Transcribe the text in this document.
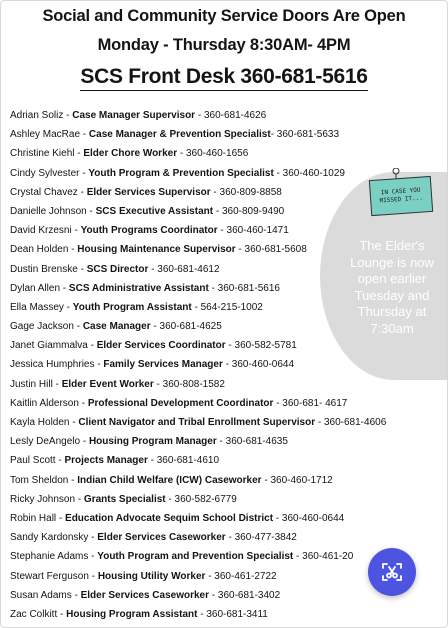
Social and Community Service Doors Are Open
Monday - Thursday 8:30AM- 4PM
SCS Front Desk 360-681-5616
Adrian Soliz - Case Manager Supervisor - 360-681-4626
Ashley MacRae - Case Manager & Prevention Specialist- 360-681-5633
Christine Kiehl - Elder Chore Worker - 360-460-1656
Cindy Sylvester - Youth Program & Prevention Specialist - 360-460-1029
Crystal Chavez - Elder Services Supervisor - 360-809-8858
Danielle Johnson - SCS Executive Assistant - 360-809-9490
David Krzesni - Youth Programs Coordinator - 360-460-1471
Dean Holden - Housing Maintenance Supervisor - 360-681-5608
Dustin Brenske - SCS Director - 360-681-4612
Dylan Allen - SCS Administrative Assistant - 360-681-5616
Ella Massey - Youth Program Assistant - 564-215-1002
Gage Jackson - Case Manager - 360-681-4625
Janet Giammalva - Elder Services Coordinator - 360-582-5781
Jessica Humphries - Family Services Manager - 360-460-0644
Justin Hill - Elder Event Worker - 360-808-1582
Kaitlin Alderson - Professional Development Coordinator - 360-681- 4617
Kayla Holden - Client Navigator and Tribal Enrollment Supervisor - 360-681-4606
Lesly DeAngelo - Housing Program Manager - 360-681-4635
Paul Scott - Projects Manager - 360-681-4610
Tom Sheldon - Indian Child Welfare (ICW) Caseworker - 360-460-1712
Ricky Johnson - Grants Specialist - 360-582-6779
Robin Hall - Education Advocate Sequim School District - 360-460-0644
Sandy Kardonsky - Elder Services Caseworker - 360-477-3842
Stephanie Adams - Youth Program and Prevention Specialist - 360-461-20
Stewart Ferguson - Housing Utility Worker - 360-461-2722
Susan Adams - Elder Services Caseworker - 360-681-3402
Zac Colkitt - Housing Program Assistant - 360-681-3411
The Elder's Lounge is now open earlier Tuesday and Thursday at 7:30am
IN CASE YOU MISSED IT...
